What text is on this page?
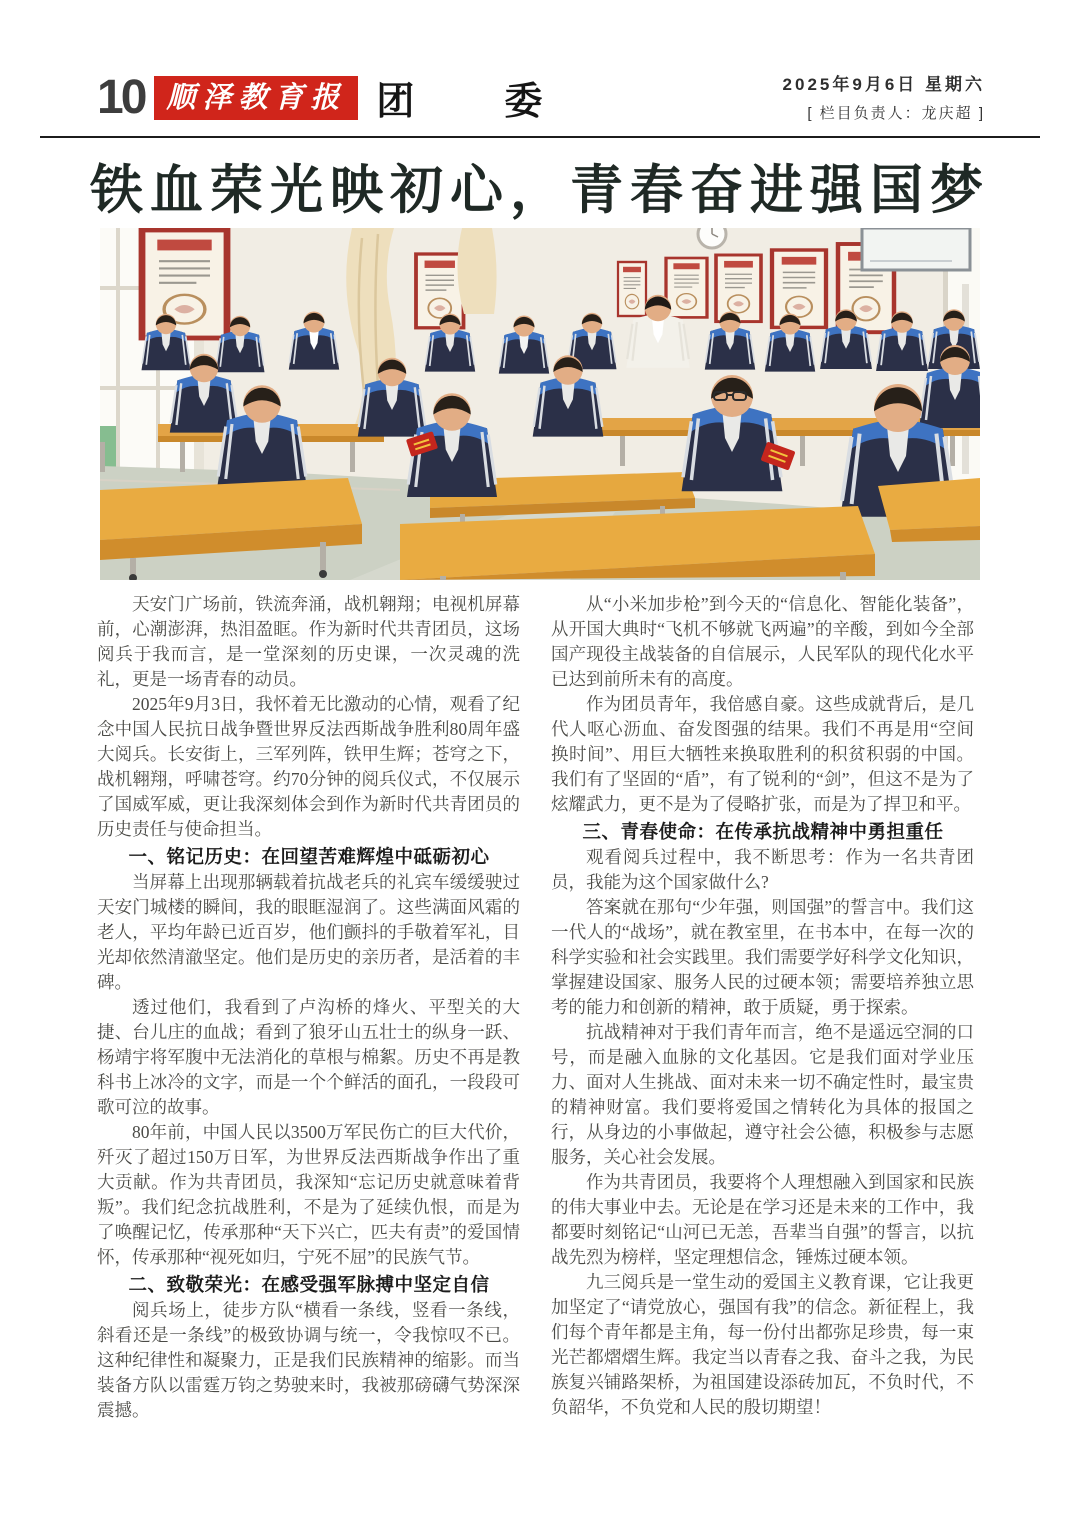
10 顺泽教育报 团　委	2025年9月6日 星期六
[ 栏目负责人：龙庆超 ]
铁血荣光映初心，青春奋进强国梦

天安门广场前，铁流奔涌，战机翱翔；电视机屏幕前，心潮澎湃，热泪盈眶。作为新时代共青团员，这场阅兵于我而言，是一堂深刻的历史课，一次灵魂的洗礼，更是一场青春的动员。

2025年9月3日，我怀着无比激动的心情，观看了纪念中国人民抗日战争暨世界反法西斯战争胜利80周年盛大阅兵。长安街上，三军列阵，铁甲生辉；苍穹之下，战机翱翔，呼啸苍穹。约70分钟的阅兵仪式，不仅展示了国威军威，更让我深刻体会到作为新时代共青团员的历史责任与使命担当。

一、铭记历史：在回望苦难辉煌中砥砺初心

当屏幕上出现那辆载着抗战老兵的礼宾车缓缓驶过天安门城楼的瞬间，我的眼眶湿润了。这些满面风霜的老人，平均年龄已近百岁，他们颤抖的手敬着军礼，目光却依然清澈坚定。他们是历史的亲历者，是活着的丰碑。

透过他们，我看到了卢沟桥的烽火、平型关的大捷、台儿庄的血战；看到了狼牙山五壮士的纵身一跃、杨靖宇将军腹中无法消化的草根与棉絮。历史不再是教科书上冰冷的文字，而是一个个鲜活的面孔，一段段可歌可泣的故事。

80年前，中国人民以3500万军民伤亡的巨大代价，歼灭了超过150万日军，为世界反法西斯战争作出了重大贡献。作为共青团员，我深知“忘记历史就意味着背叛”。我们纪念抗战胜利，不是为了延续仇恨，而是为了唤醒记忆，传承那种“天下兴亡，匹夫有责”的爱国情怀，传承那种“视死如归，宁死不屈”的民族气节。

二、致敬荣光：在感受强军脉搏中坚定自信

阅兵场上，徒步方队“横看一条线，竖看一条线，斜看还是一条线”的极致协调与统一，令我惊叹不已。这种纪律性和凝聚力，正是我们民族精神的缩影。而当装备方队以雷霆万钧之势驶来时，我被那磅礴气势深深震撼。

从“小米加步枪”到今天的“信息化、智能化装备”，从开国大典时“飞机不够就飞两遍”的辛酸，到如今全部国产现役主战装备的自信展示，人民军队的现代化水平已达到前所未有的高度。

作为团员青年，我倍感自豪。这些成就背后，是几代人呕心沥血、奋发图强的结果。我们不再是用“空间换时间”、用巨大牺牲来换取胜利的积贫积弱的中国。我们有了坚固的“盾”，有了锐利的“剑”，但这不是为了炫耀武力，更不是为了侵略扩张，而是为了捍卫和平。

三、青春使命：在传承抗战精神中勇担重任

观看阅兵过程中，我不断思考：作为一名共青团员，我能为这个国家做什么?

答案就在那句“少年强，则国强”的誓言中。我们这一代人的“战场”，就在教室里，在书本中，在每一次的科学实验和社会实践里。我们需要学好科学文化知识，掌握建设国家、服务人民的过硬本领；需要培养独立思考的能力和创新的精神，敢于质疑，勇于探索。

抗战精神对于我们青年而言，绝不是遥远空洞的口号，而是融入血脉的文化基因。它是我们面对学业压力、面对人生挑战、面对未来一切不确定性时，最宝贵的精神财富。我们要将爱国之情转化为具体的报国之行，从身边的小事做起，遵守社会公德，积极参与志愿服务，关心社会发展。

作为共青团员，我要将个人理想融入到国家和民族的伟大事业中去。无论是在学习还是未来的工作中，我都要时刻铭记“山河已无恙，吾辈当自强”的誓言，以抗战先烈为榜样，坚定理想信念，锤炼过硬本领。

九三阅兵是一堂生动的爱国主义教育课，它让我更加坚定了“请党放心，强国有我”的信念。新征程上，我们每个青年都是主角，每一份付出都弥足珍贵，每一束光芒都熠熠生辉。我定当以青春之我、奋斗之我，为民族复兴铺路架桥，为祖国建设添砖加瓦，不负时代，不负韶华，不负党和人民的殷切期望！
